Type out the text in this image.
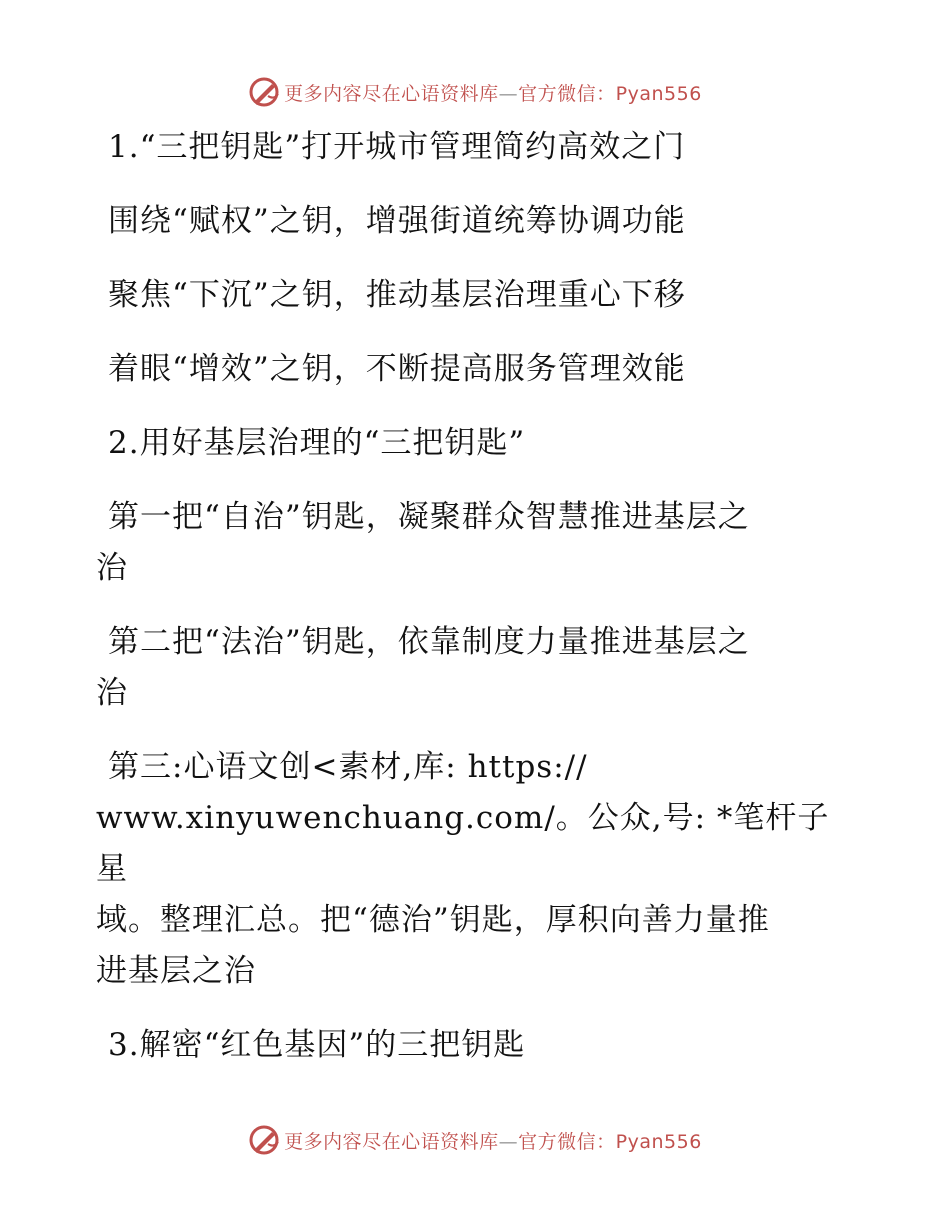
更多内容尽在心语资料库—官方微信：Pyan556

1.“三把钥匙”打开城市管理简约高效之门

围绕“赋权”之钥，增强街道统筹协调功能

聚焦“下沉”之钥，推动基层治理重心下移

着眼“增效”之钥，不断提高服务管理效能

2.用好基层治理的“三把钥匙”

第一把“自治”钥匙，凝聚群众智慧推进基层之

治

第二把“法治”钥匙，依靠制度力量推进基层之

治

第三:心语文创<素材,库: https://

www.xinyuwenchuang.com/。公众,号: *笔杆子星

域。整理汇总。把“德治”钥匙，厚积向善力量推

进基层之治

3.解密“红色基因”的三把钥匙

更多内容尽在心语资料库—官方微信：Pyan556
